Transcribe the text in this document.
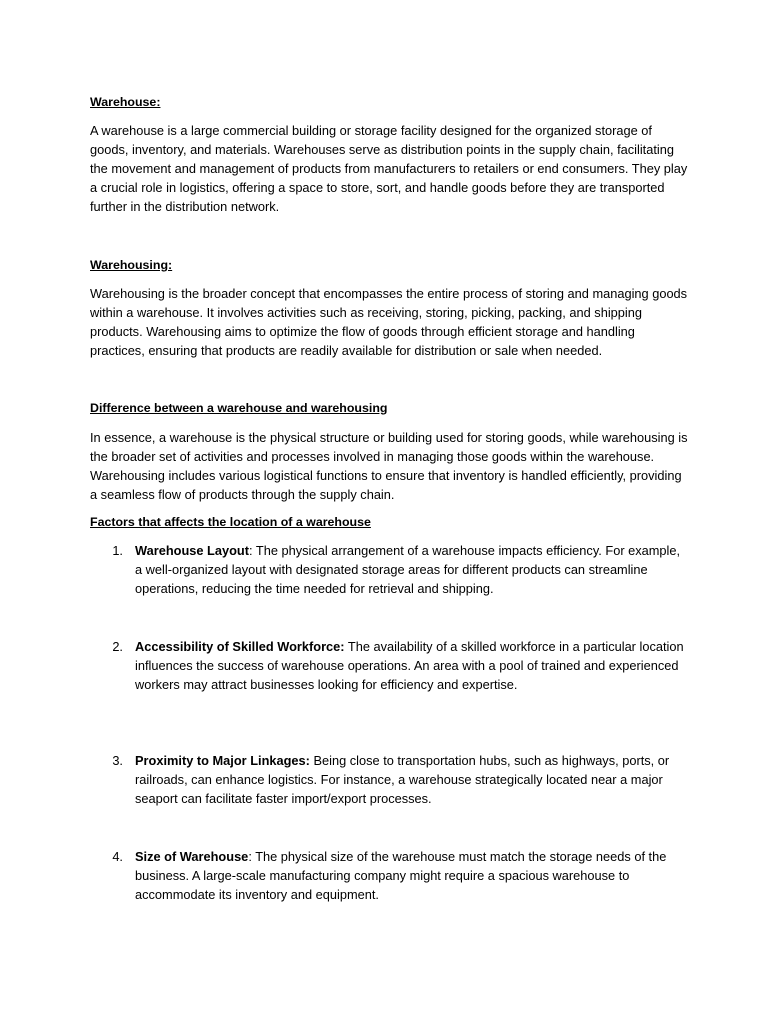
Warehouse:

A warehouse is a large commercial building or storage facility designed for the organized storage of goods, inventory, and materials. Warehouses serve as distribution points in the supply chain, facilitating the movement and management of products from manufacturers to retailers or end consumers. They play a crucial role in logistics, offering a space to store, sort, and handle goods before they are transported further in the distribution network.

Warehousing:

Warehousing is the broader concept that encompasses the entire process of storing and managing goods within a warehouse. It involves activities such as receiving, storing, picking, packing, and shipping products. Warehousing aims to optimize the flow of goods through efficient storage and handling practices, ensuring that products are readily available for distribution or sale when needed.

Difference between a warehouse and warehousing

In essence, a warehouse is the physical structure or building used for storing goods, while warehousing is the broader set of activities and processes involved in managing those goods within the warehouse. Warehousing includes various logistical functions to ensure that inventory is handled efficiently, providing a seamless flow of products through the supply chain.

Factors that affects the location of a warehouse
1. Warehouse Layout: The physical arrangement of a warehouse impacts efficiency. For example, a well-organized layout with designated storage areas for different products can streamline operations, reducing the time needed for retrieval and shipping.
2. Accessibility of Skilled Workforce: The availability of a skilled workforce in a particular location influences the success of warehouse operations. An area with a pool of trained and experienced workers may attract businesses looking for efficiency and expertise.
3. Proximity to Major Linkages: Being close to transportation hubs, such as highways, ports, or railroads, can enhance logistics. For instance, a warehouse strategically located near a major seaport can facilitate faster import/export processes.
4. Size of Warehouse: The physical size of the warehouse must match the storage needs of the business. A large-scale manufacturing company might require a spacious warehouse to accommodate its inventory and equipment.
